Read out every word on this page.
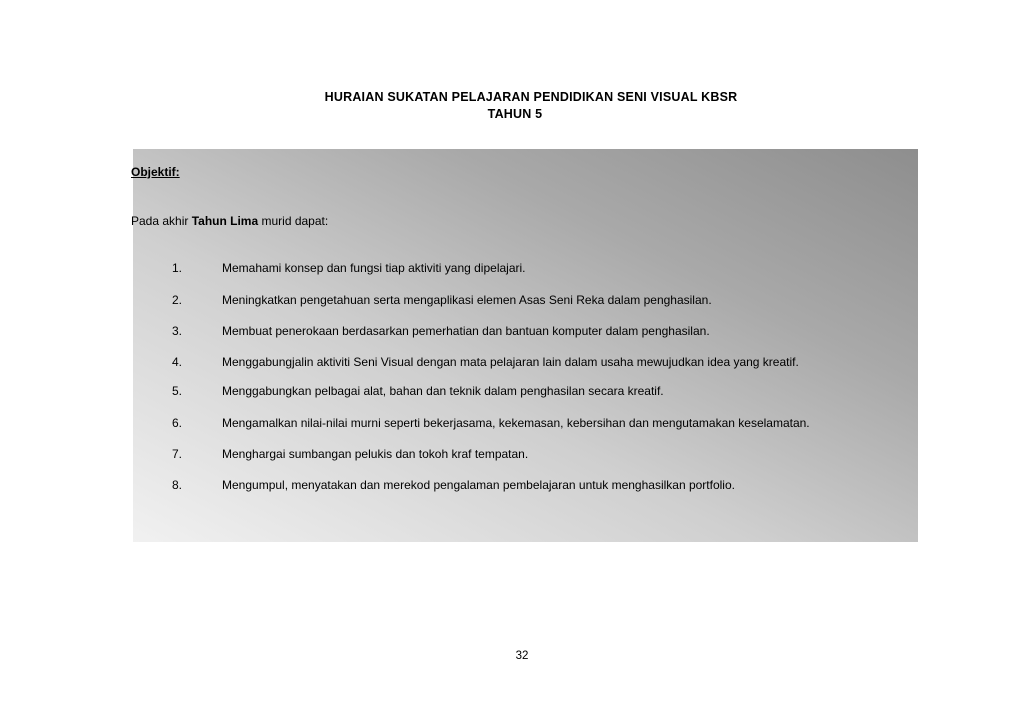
HURAIAN SUKATAN PELAJARAN PENDIDIKAN SENI VISUAL KBSR
TAHUN 5
Objektif:
Pada akhir Tahun Lima murid dapat:
1.	Memahami konsep dan fungsi tiap aktiviti yang dipelajari.
2.	Meningkatkan pengetahuan serta mengaplikasi elemen Asas Seni Reka dalam penghasilan.
3.	Membuat penerokaan berdasarkan pemerhatian dan bantuan komputer dalam penghasilan.
4.	Menggabungjalin aktiviti Seni Visual dengan mata pelajaran lain dalam usaha mewujudkan idea yang kreatif.
5.	Menggabungkan pelbagai alat, bahan dan teknik dalam penghasilan secara kreatif.
6.	Mengamalkan nilai-nilai murni seperti bekerjasama, kekemasan, kebersihan dan mengutamakan keselamatan.
7.	Menghargai sumbangan pelukis dan tokoh kraf tempatan.
8.	Mengumpul, menyatakan dan merekod pengalaman pembelajaran untuk menghasilkan portfolio.
32
